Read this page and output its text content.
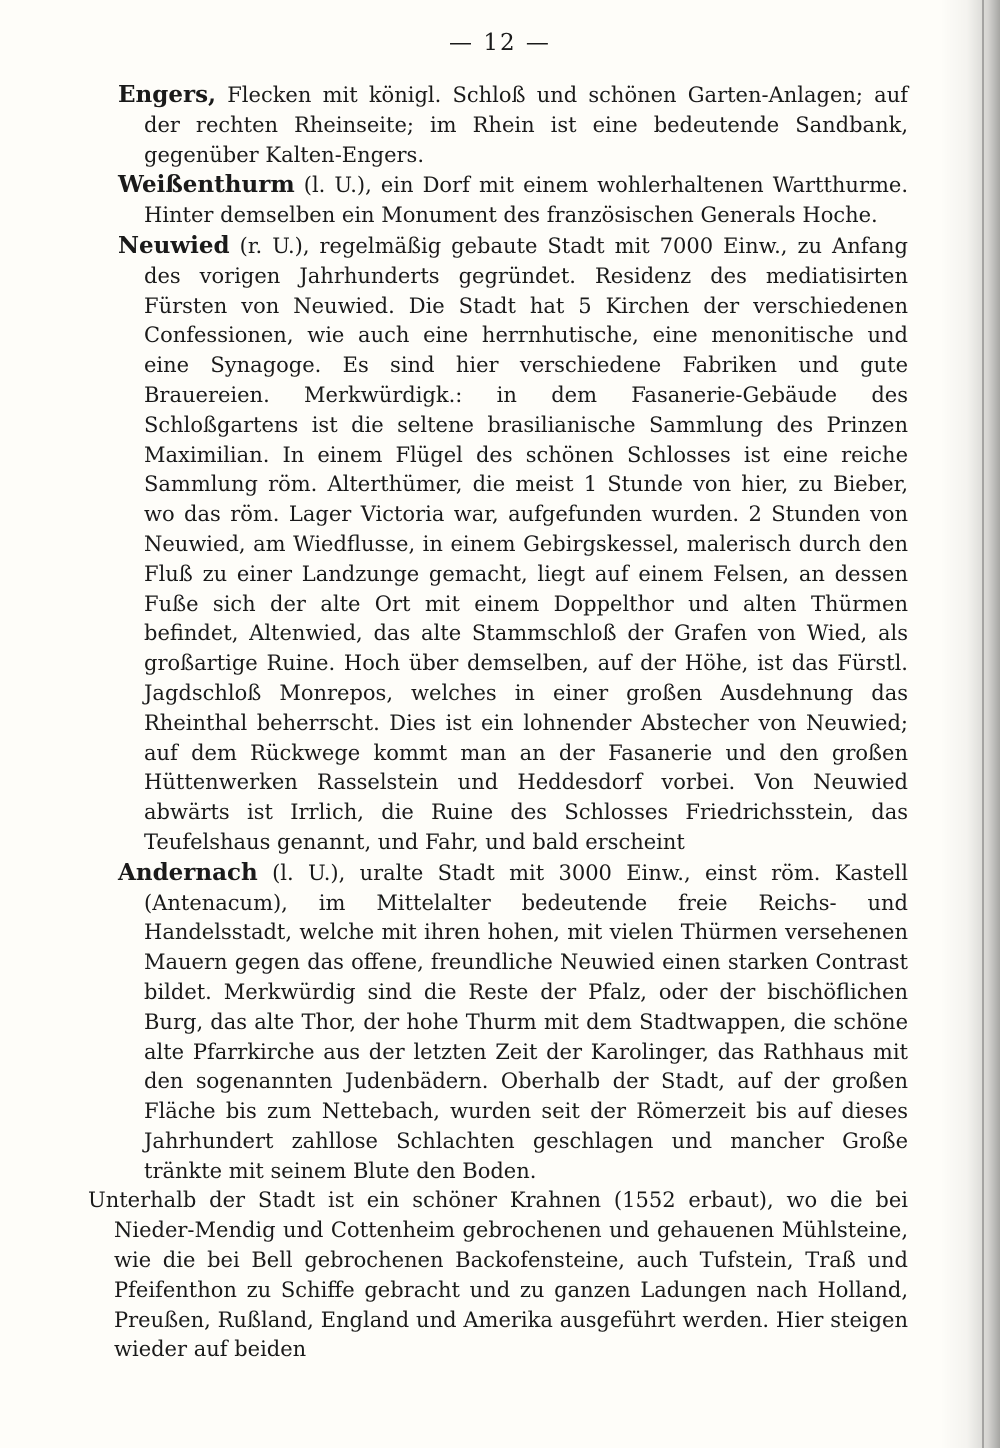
— 12 —

Engers, Flecken mit königl. Schloß und schönen Garten-Anlagen; auf der rechten Rheinseite; im Rhein ist eine bedeutende Sandbank, gegenüber Kalten-Engers.

Weißenthurm (l. U.), ein Dorf mit einem wohlerhaltenen Wartthurme. Hinter demselben ein Monument des französischen Generals Hoche.

Neuwied (r. U.), regelmäßig gebaute Stadt mit 7000 Einw., zu Anfang des vorigen Jahrhunderts gegründet. Residenz des mediatisirten Fürsten von Neuwied. Die Stadt hat 5 Kirchen der verschiedenen Confessionen, wie auch eine herrnhutische, eine menonitische und eine Synagoge. Es sind hier verschiedene Fabriken und gute Brauereien. Merkwürdigk.: in dem Fasanerie-Gebäude des Schloßgartens ist die seltene brasilianische Sammlung des Prinzen Maximilian. In einem Flügel des schönen Schlosses ist eine reiche Sammlung röm. Alterthümer, die meist 1 Stunde von hier, zu Bieber, wo das röm. Lager Victoria war, aufgefunden wurden. 2 Stunden von Neuwied, am Wiedflusse, in einem Gebirgskessel, malerisch durch den Fluß zu einer Landzunge gemacht, liegt auf einem Felsen, an dessen Fuße sich der alte Ort mit einem Doppelthor und alten Thürmen befindet, Altenwied, das alte Stammschloß der Grafen von Wied, als großartige Ruine. Hoch über demselben, auf der Höhe, ist das Fürstl. Jagdschloß Monrepos, welches in einer großen Ausdehnung das Rheinthal beherrscht. Dies ist ein lohnender Abstecher von Neuwied; auf dem Rückwege kommt man an der Fasanerie und den großen Hüttenwerken Rasselstein und Heddesdorf vorbei. Von Neuwied abwärts ist Irrlich, die Ruine des Schlosses Friedrichsstein, das Teufelshaus genannt, und Fahr, und bald erscheint

Andernach (l. U.), uralte Stadt mit 3000 Einw., einst röm. Kastell (Antenacum), im Mittelalter bedeutende freie Reichs- und Handelsstadt, welche mit ihren hohen, mit vielen Thürmen versehenen Mauern gegen das offene, freundliche Neuwied einen starken Contrast bildet. Merkwürdig sind die Reste der Pfalz, oder der bischöflichen Burg, das alte Thor, der hohe Thurm mit dem Stadtwappen, die schöne alte Pfarrkirche aus der letzten Zeit der Karolinger, das Rathhaus mit den sogenannten Judenbädern. Oberhalb der Stadt, auf der großen Fläche bis zum Nettebach, wurden seit der Römerzeit bis auf dieses Jahrhundert zahllose Schlachten geschlagen und mancher Große tränkte mit seinem Blute den Boden.

Unterhalb der Stadt ist ein schöner Krahnen (1552 erbaut), wo die bei Nieder-Mendig und Cottenheim gebrochenen und gehauenen Mühlsteine, wie die bei Bell gebrochenen Backofensteine, auch Tufstein, Traß und Pfeifenthon zu Schiffe gebracht und zu ganzen Ladungen nach Holland, Preußen, Rußland, England und Amerika ausgeführt werden. Hier steigen wieder auf beiden
